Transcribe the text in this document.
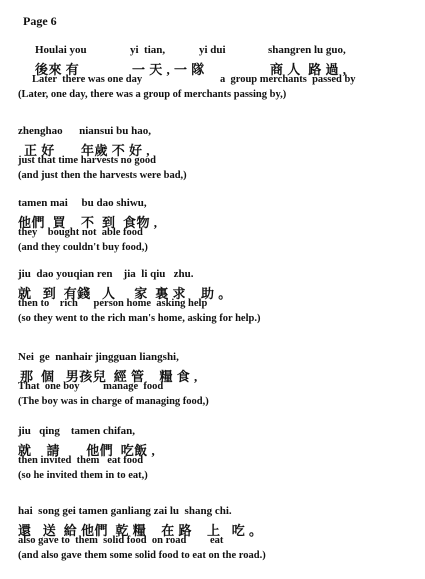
Page 6
Houlai you	yi  tian,	yi dui	shangren lu guo,
後來 有	一 天 , 一 隊	商 人  路 過 ,
Later  there was one day	a  group merchants  passed by
(Later, one day, there was a group of merchants passing by,)
zhenghao      niansui bu hao,
正 好       年歲 不 好 ,
just that time harvests no good
(and just then the harvests were bad,)
tamen mai     bu dao shiwu,
他們  買    不  到  食物 ,
they    bought not  able food
(and they couldn't buy food,)
jiu  dao youqian ren    jia  li qiu   zhu.
就   到  有錢   人     家  裏 求    助 。
then to    rich      person home  asking help
(so they went to the rich man's home, asking for help.)
Nei  ge  nanhair jingguan liangshi,
那  個   男孩兒  經 管    糧 食 ,
That  one boy         manage  food
(The boy was in charge of managing food,)
jiu   qing    tamen chifan,
就    請       他們  吃飯 ,
then invited  them   eat food
(so he invited them in to eat,)
hai  song gei tamen ganliang zai lu  shang chi.
還   送  給 他們  乾 糧    在 路    上   吃 。
also gave to  them  solid food  on road         eat
(and also gave them some solid food to eat on the road.)
